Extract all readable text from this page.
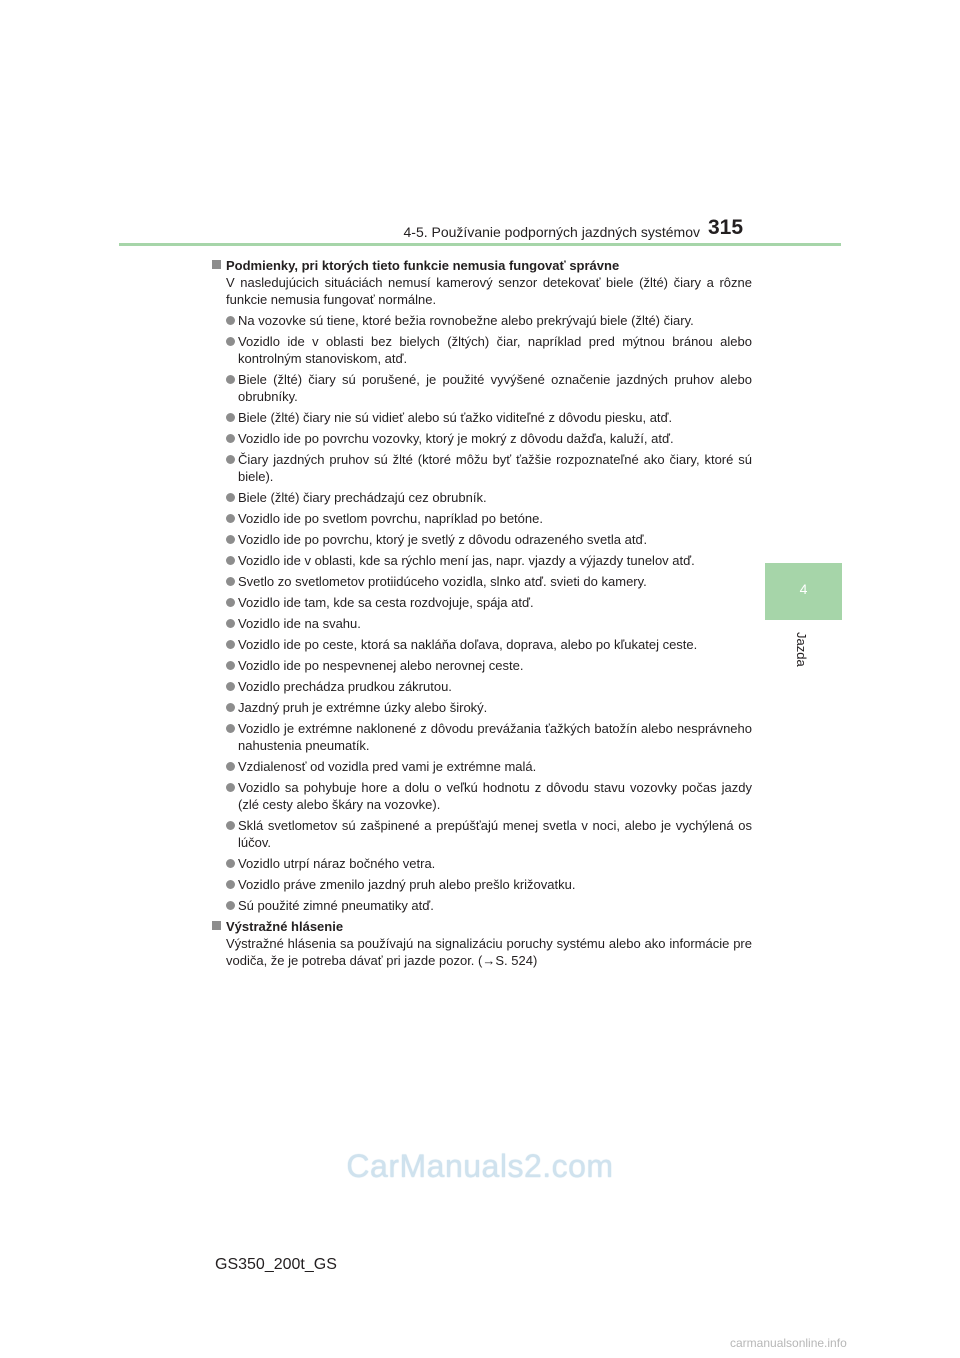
4-5. Používanie podporných jazdných systémov 315
4
Jazda
Podmienky, pri ktorých tieto funkcie nemusia fungovať správne
V nasledujúcich situáciách nemusí kamerový senzor detekovať biele (žlté) čiary a rôzne funkcie nemusia fungovať normálne.
Na vozovke sú tiene, ktoré bežia rovnobežne alebo prekrývajú biele (žlté) čiary.
Vozidlo ide v oblasti bez bielych (žltých) čiar, napríklad pred mýtnou bránou alebo kontrolným stanoviskom, atď.
Biele (žlté) čiary sú porušené, je použité vyvýšené označenie jazdných pruhov alebo obrubníky.
Biele (žlté) čiary nie sú vidieť alebo sú ťažko viditeľné z dôvodu piesku, atď.
Vozidlo ide po povrchu vozovky, ktorý je mokrý z dôvodu dažďa, kaluží, atď.
Čiary jazdných pruhov sú žlté (ktoré môžu byť ťažšie rozpoznateľné ako čiary, ktoré sú biele).
Biele (žlté) čiary prechádzajú cez obrubník.
Vozidlo ide po svetlom povrchu, napríklad po betóne.
Vozidlo ide po povrchu, ktorý je svetlý z dôvodu odrazeného svetla atď.
Vozidlo ide v oblasti, kde sa rýchlo mení jas, napr. vjazdy a výjazdy tunelov atď.
Svetlo zo svetlometov protiidúceho vozidla, slnko atď. svieti do kamery.
Vozidlo ide tam, kde sa cesta rozdvojuje, spája atď.
Vozidlo ide na svahu.
Vozidlo ide po ceste, ktorá sa nakláňa doľava, doprava, alebo po kľukatej ceste.
Vozidlo ide po nespevnenej alebo nerovnej ceste.
Vozidlo prechádza prudkou zákrutou.
Jazdný pruh je extrémne úzky alebo široký.
Vozidlo je extrémne naklonené z dôvodu prevážania ťažkých batožín alebo nesprávneho nahustenia pneumatík.
Vzdialenosť od vozidla pred vami je extrémne malá.
Vozidlo sa pohybuje hore a dolu o veľkú hodnotu z dôvodu stavu vozovky počas jazdy (zlé cesty alebo škáry na vozovke).
Sklá svetlometov sú zašpinené a prepúšťajú menej svetla v noci, alebo je vychýlená os lúčov.
Vozidlo utrpí náraz bočného vetra.
Vozidlo práve zmenilo jazdný pruh alebo prešlo križovatku.
Sú použité zimné pneumatiky atď.
Výstražné hlásenie
Výstražné hlásenia sa používajú na signalizáciu poruchy systému alebo ako informácie pre vodiča, že je potreba dávať pri jazde pozor. (→S. 524)
CarManuals2.com
GS350_200t_GS
carmanualsonline.info
